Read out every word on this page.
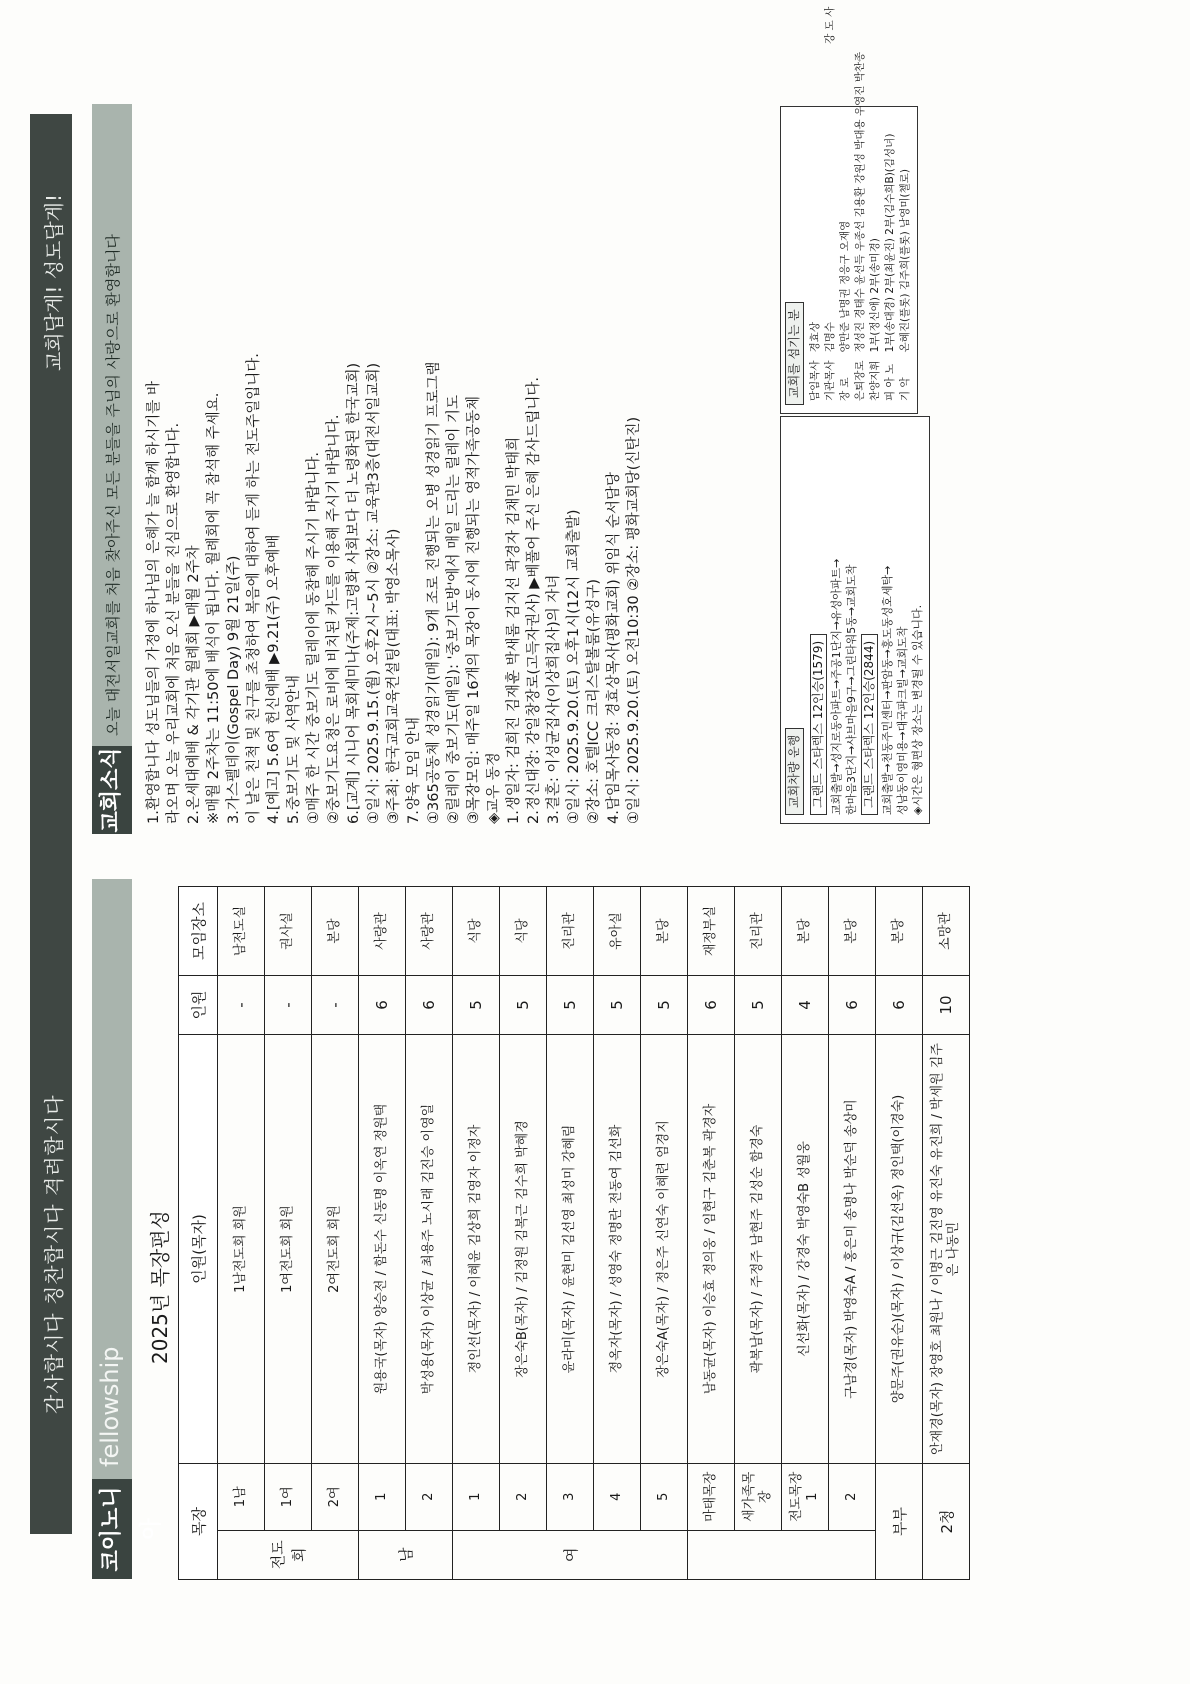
감사합시다 칭찬합시다 격려합시다
교회답게! 성도답게!
코이노니아
fellowship
2025년 목장편성
목장		인원(목자)	인원	모임장소
전도회	1남	1남전도회 회원	-	남전도실
	1여	1여전도회 회원	-	권사실
	2여	2여전도회 회원	-	본당
남	1	원용국(목자) 양승전 / 함돈수 신동명 이옥연 정원택	6	사랑관
	2	박성용(목자) 이상균 / 최용주 노시래 김진승 이영일	6	사랑관
여	1	정인선(목자) / 이혜윤 김상희 김영자 이정자	5	식당
	2	장은숙B(목자) / 김정원 김복근 김수희 박혜경	5	식당
	3	윤라미(목자) / 윤현미 김선영 최성미 강혜림	5	진리관
	4	정옥자(목자) / 성영숙 정명란 전동여 김선화	5	유아실
	5	장은숙A(목자) / 정은주 신연숙 이혜련 엄경지	5	본당
	마태목장	남동균(목자) 이승효 정의웅 / 임현구 김춘복 곽경자	6	재정부실
	새가족목장	곽복남(목자) / 주정주 남현주 김성순 함경숙	5	진리관
	전도목장 1	신선화(목자) / 강경숙 박영숙B 성월웅	4	본당
	2	구남경(목자) 박영숙A / 홍은미 송명나 박순덕 송상미	6	본당
부부		양문주(권유순)(목자) / 이상규(김선옥) 정인택(이경숙)	6	본당
2청		안재경(목자) 장영호 최원나 / 이명근 김진영 유진숙 유진희 / 박세원 김주은 나동민	10	소망관
교회소식
오늘 대전서일교회를 처음 찾아주신 모든 분들을 주님의 사랑으로 환영합니다 1.환영합니다 성도님들의 가정에 하나님의 은혜가 늘 함께 하시기를 바 라오며 오늘 우리교회에 처음 오신 분들을 진심으로 환영합니다. 2.온세대예배 & 각기관 월례회 ▶매월 2주차 ※매월 2주차는 11:50에 배식이 됩니다. 월례회에 꼭 참석해 주세요. 3.가스펠데이(Gospel Day) 9월 21일(주) 이 날은 친척 및 친구를 초청하여 복음에 대하여 듣게 하는 전도주일입니다. 4.[예고] 5.6여 헌신예배 ▶9.21(주) 오후예배 5.중보기도 및 사역안내 ①매주 한 시간 중보기도 릴레이에 동참해 주시기 바랍니다. ②중보기도요청은 로비에 비치된 카드를 이용해 주시기 바랍니다. 6.[교계] 시니어 목회세미나(주제:고령화 사회보다 더 노령화된 한국교회) ①일시: 2025.9.15.(월) 오후2시~5시 ②장소: 교육관3층(대전서일교회) ③주최: 한국교회교육컨설팅(대표: 박영소목사) 7.양육 모임 안내 ①365공동체 성경읽기(매일): 9개 조로 진행되는 오병 성경읽기 프로그램 ②릴레이 중보기도(매일): '중보기도방'에서 매일 드리는 릴레이 기도 ③목장모임: 매주일 16개의 목장이 동시에 진행되는 영적가족공동체 ◈교우 동정 1.생일자: 김희진 김재훈 박새롬 김지선 곽경자 김채민 박태희 2.정신대장: 강일창장로(고득자권사) ▶베풀어 주신 은혜 감사드립니다. 3.결혼: 이성균집사(이상희집사)의 자녀 ①일시: 2025.9.20.(토) 오후1시(12시 교회출발) ②장소: 호텔ICC 크리스탈볼룸(유성구) 4.담임목사동정: 경효상목사(평화교회) 위임식 순서담당 ①일시: 2025.9.20.(토) 오전10:30 ②장소: 평화교회당(신탄진)	교회차량 운행 그랜드 스타렉스 12인승(1579) 교회출발→성지로동아파트→주공1단지→유성아파트→ 한마음3단지→샤브마을9구→그린타워5동→교회도착 그랜드 스타렉스 12인승(2844) 교회출발→천동주민센터→판암동→홍도동성호세탁→ 성남동이영미용→대국파크빌→교회도착 ◈시간은 형편상 장소는 변경될 수 있습니다.
교회를 섬기는 분 담임목사	경효상		
기관목사	김명수	강 도 사	
장 로	양만준 남명권 정응구 오재영		
은퇴장로	정성진 경태수 윤선득 우종선 김용환 강원성 박대용 우영진 박찬종		
찬양지휘	1부(정신애) 2부(송미경)		
피 아 노	1부(송대경) 2부(최윤진) 2부(김수희B)(김성녀)		
기 악	온혜진(플롯) 김주희(플롯) 남영미(첼로)		
